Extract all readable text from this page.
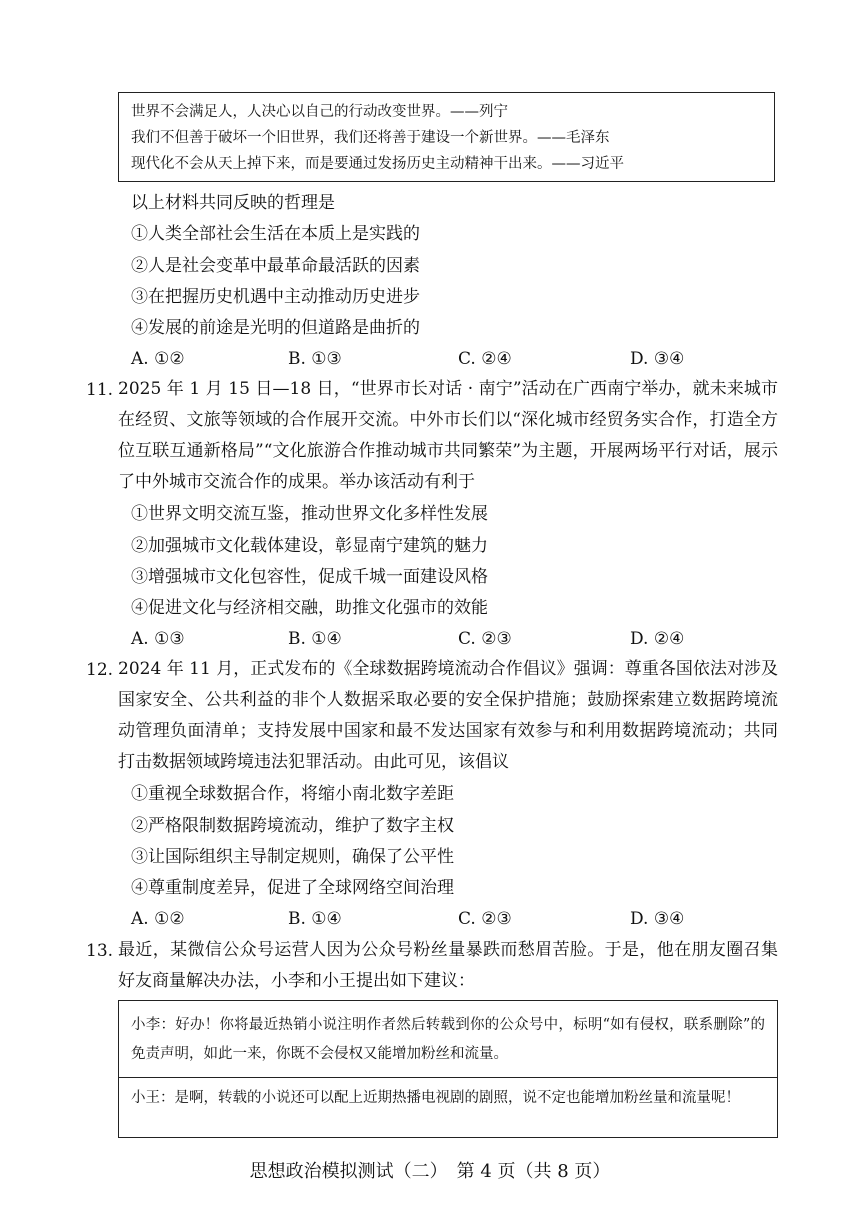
世界不会满足人，人决心以自己的行动改变世界。——列宁
我们不但善于破坏一个旧世界，我们还将善于建设一个新世界。——毛泽东
现代化不会从天上掉下来，而是要通过发扬历史主动精神干出来。——习近平
以上材料共同反映的哲理是
①人类全部社会生活在本质上是实践的
②人是社会变革中最革命最活跃的因素
③在把握历史机遇中主动推动历史进步
④发展的前途是光明的但道路是曲折的
A. ①②	B. ①③	C. ②④	D. ③④
11. 2025 年 1 月 15 日—18 日，“世界市长对话 · 南宁”活动在广西南宁举办，就未来城市在经贸、文旅等领域的合作展开交流。中外市长们以“深化城市经贸务实合作，打造全方位互联互通新格局”“文化旅游合作推动城市共同繁荣”为主题，开展两场平行对话，展示了中外城市交流合作的成果。举办该活动有利于
①世界文明交流互鉴，推动世界文化多样性发展
②加强城市文化载体建设，彰显南宁建筑的魅力
③增强城市文化包容性，促成千城一面建设风格
④促进文化与经济相交融，助推文化强市的效能
A. ①③	B. ①④	C. ②③	D. ②④
12. 2024 年 11 月，正式发布的《全球数据跨境流动合作倡议》强调：尊重各国依法对涉及国家安全、公共利益的非个人数据采取必要的安全保护措施；鼓励探索建立数据跨境流动管理负面清单；支持发展中国家和最不发达国家有效参与和利用数据跨境流动；共同打击数据领域跨境违法犯罪活动。由此可见，该倡议
①重视全球数据合作，将缩小南北数字差距
②严格限制数据跨境流动，维护了数字主权
③让国际组织主导制定规则，确保了公平性
④尊重制度差异，促进了全球网络空间治理
A. ①②	B. ①④	C. ②③	D. ③④
13. 最近，某微信公众号运营人因为公众号粉丝量暴跌而愁眉苦脸。于是，他在朋友圈召集好友商量解决办法，小李和小王提出如下建议：
小李：好办！你将最近热销小说注明作者然后转载到你的公众号中，标明“如有侵权，联系删除”的免责声明，如此一来，你既不会侵权又能增加粉丝和流量。
小王：是啊，转载的小说还可以配上近期热播电视剧的剧照，说不定也能增加粉丝量和流量呢！
思想政治模拟测试（二）　第 4 页（共 8 页）
